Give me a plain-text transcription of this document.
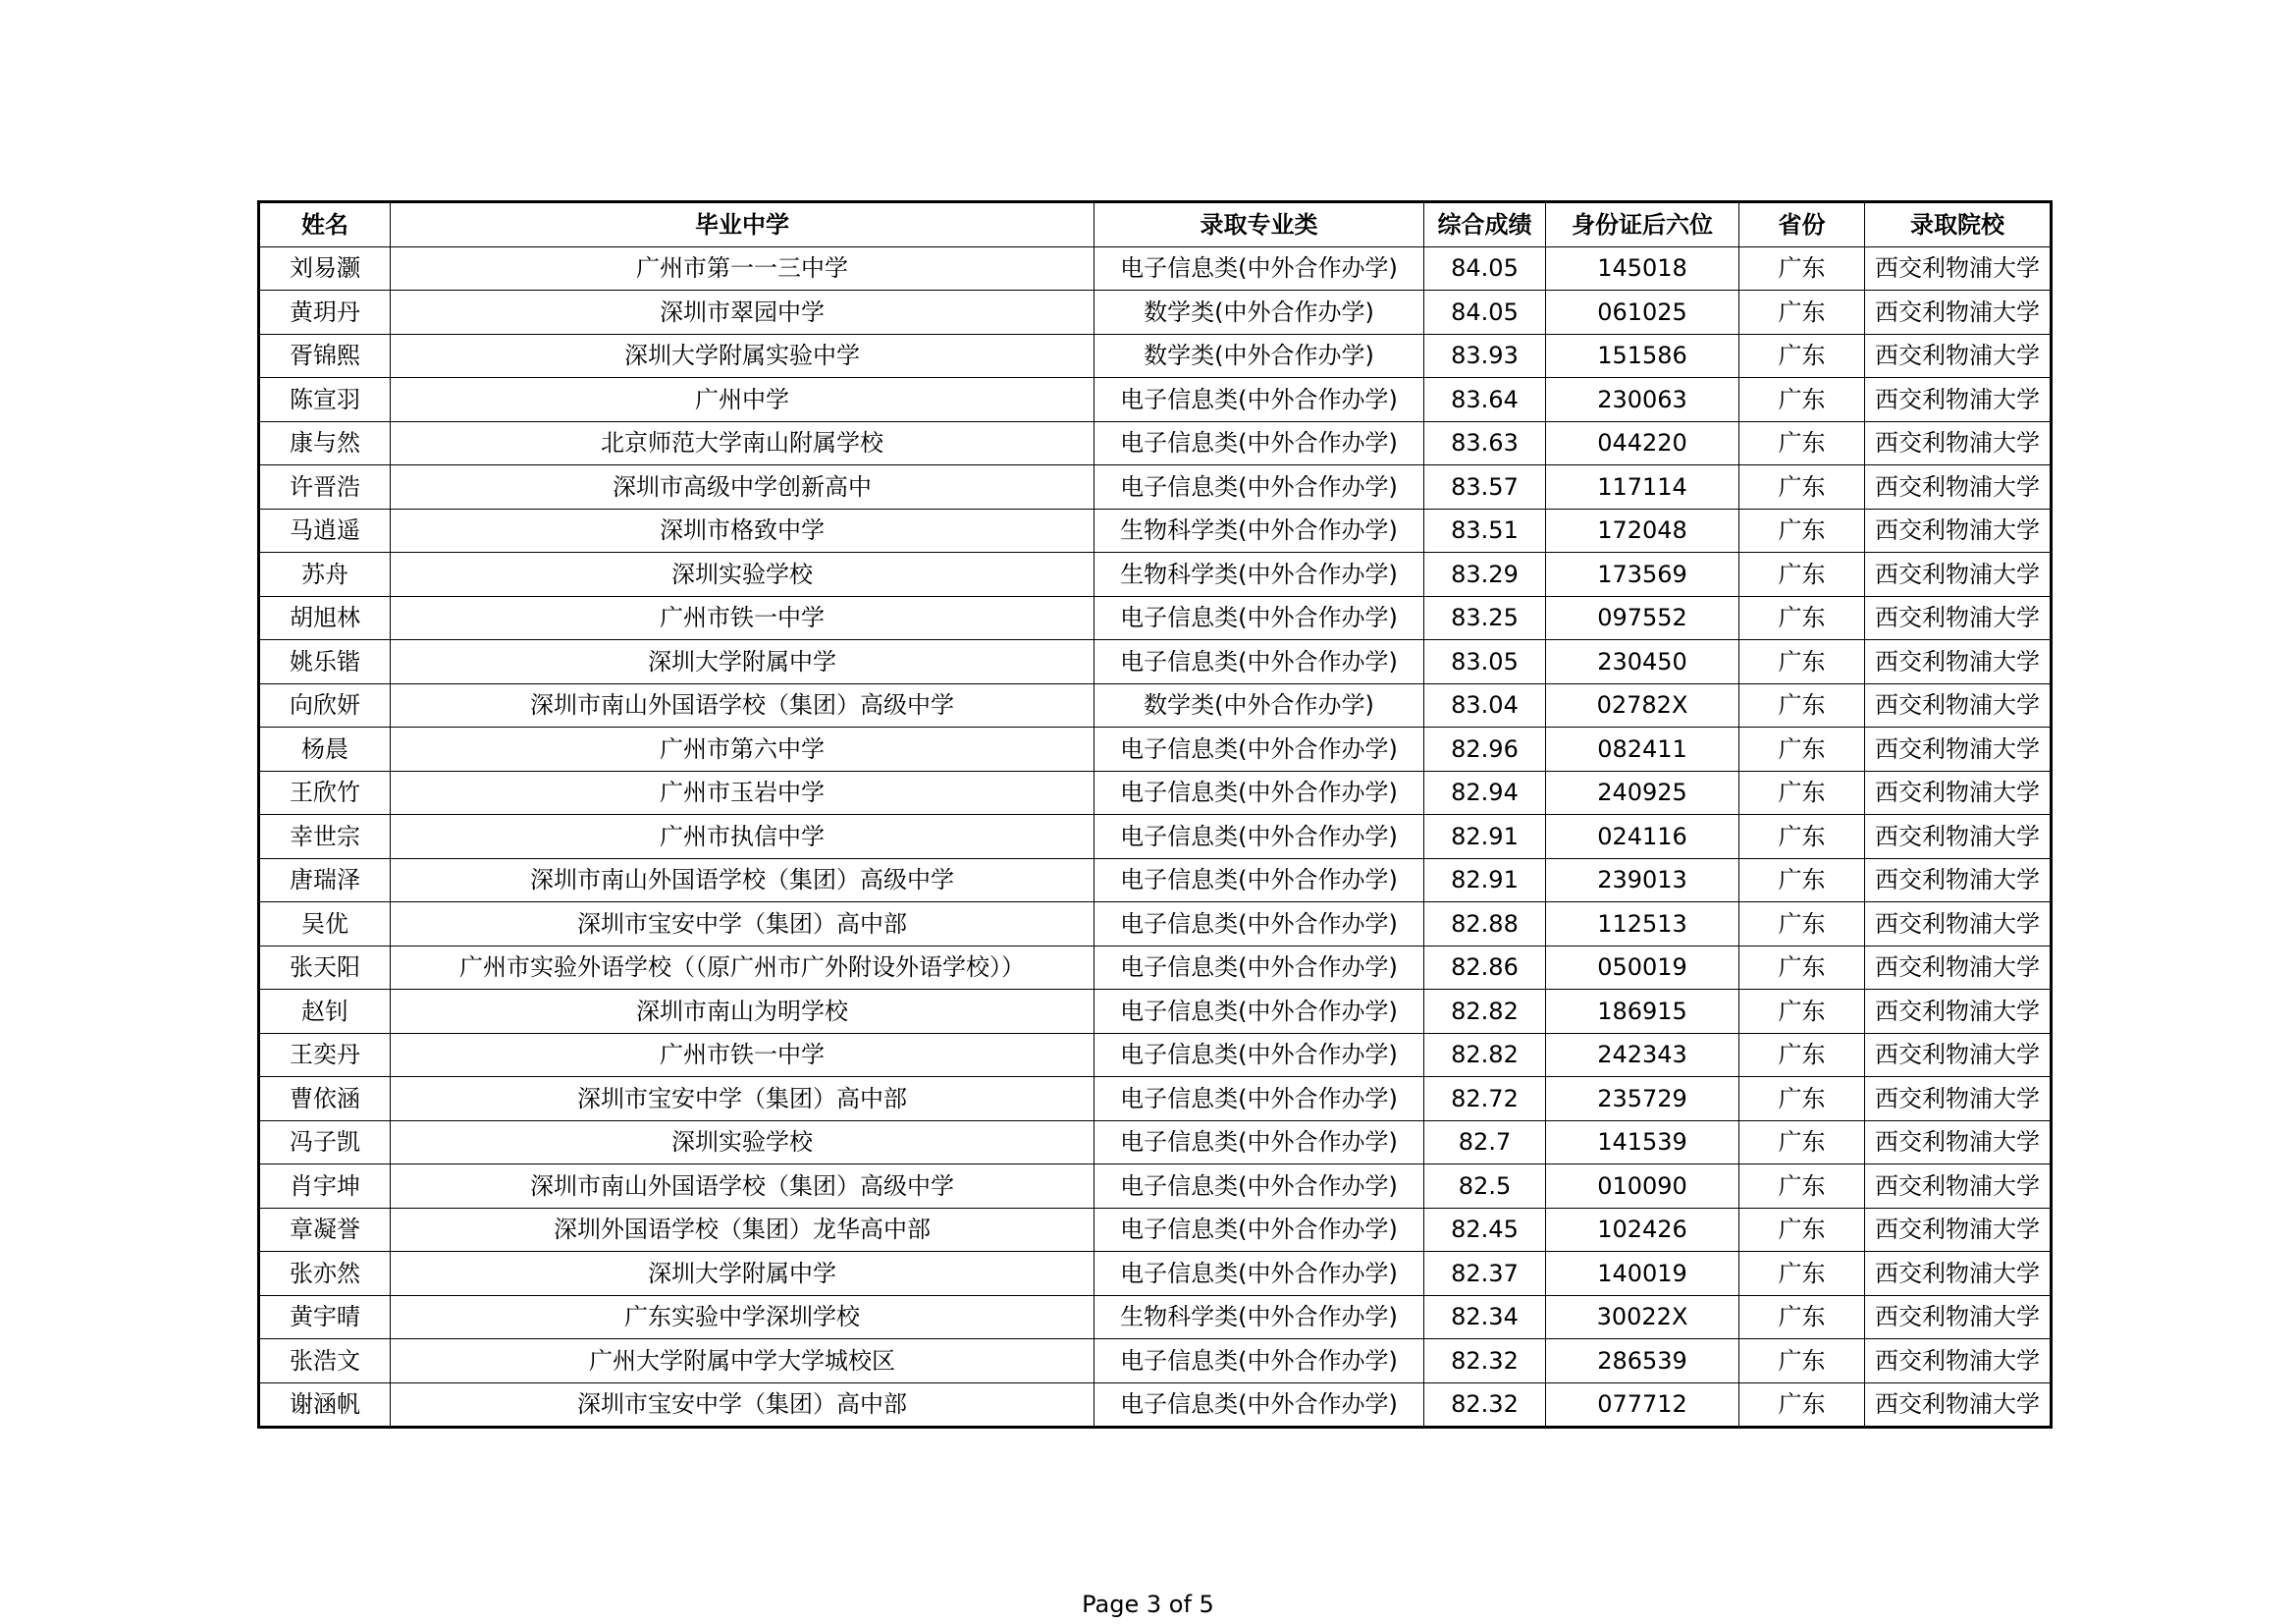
姓名	毕业中学	录取专业类	综合成绩	身份证后六位	省份	录取院校
刘易灏	广州市第一一三中学	电子信息类(中外合作办学)	84.05	145018	广东	西交利物浦大学
黄玥丹	深圳市翠园中学	数学类(中外合作办学)	84.05	061025	广东	西交利物浦大学
胥锦熙	深圳大学附属实验中学	数学类(中外合作办学)	83.93	151586	广东	西交利物浦大学
陈宣羽	广州中学	电子信息类(中外合作办学)	83.64	230063	广东	西交利物浦大学
康与然	北京师范大学南山附属学校	电子信息类(中外合作办学)	83.63	044220	广东	西交利物浦大学
许晋浩	深圳市高级中学创新高中	电子信息类(中外合作办学)	83.57	117114	广东	西交利物浦大学
马逍遥	深圳市格致中学	生物科学类(中外合作办学)	83.51	172048	广东	西交利物浦大学
苏舟	深圳实验学校	生物科学类(中外合作办学)	83.29	173569	广东	西交利物浦大学
胡旭林	广州市铁一中学	电子信息类(中外合作办学)	83.25	097552	广东	西交利物浦大学
姚乐锴	深圳大学附属中学	电子信息类(中外合作办学)	83.05	230450	广东	西交利物浦大学
向欣妍	深圳市南山外国语学校（集团）高级中学	数学类(中外合作办学)	83.04	02782X	广东	西交利物浦大学
杨晨	广州市第六中学	电子信息类(中外合作办学)	82.96	082411	广东	西交利物浦大学
王欣竹	广州市玉岩中学	电子信息类(中外合作办学)	82.94	240925	广东	西交利物浦大学
幸世宗	广州市执信中学	电子信息类(中外合作办学)	82.91	024116	广东	西交利物浦大学
唐瑞泽	深圳市南山外国语学校（集团）高级中学	电子信息类(中外合作办学)	82.91	239013	广东	西交利物浦大学
吴优	深圳市宝安中学（集团）高中部	电子信息类(中外合作办学)	82.88	112513	广东	西交利物浦大学
张天阳	广州市实验外语学校（（原广州市广外附设外语学校））	电子信息类(中外合作办学)	82.86	050019	广东	西交利物浦大学
赵钊	深圳市南山为明学校	电子信息类(中外合作办学)	82.82	186915	广东	西交利物浦大学
王奕丹	广州市铁一中学	电子信息类(中外合作办学)	82.82	242343	广东	西交利物浦大学
曹依涵	深圳市宝安中学（集团）高中部	电子信息类(中外合作办学)	82.72	235729	广东	西交利物浦大学
冯子凯	深圳实验学校	电子信息类(中外合作办学)	82.7	141539	广东	西交利物浦大学
肖宇坤	深圳市南山外国语学校（集团）高级中学	电子信息类(中外合作办学)	82.5	010090	广东	西交利物浦大学
章凝誉	深圳外国语学校（集团）龙华高中部	电子信息类(中外合作办学)	82.45	102426	广东	西交利物浦大学
张亦然	深圳大学附属中学	电子信息类(中外合作办学)	82.37	140019	广东	西交利物浦大学
黄宇晴	广东实验中学深圳学校	生物科学类(中外合作办学)	82.34	30022X	广东	西交利物浦大学
张浩文	广州大学附属中学大学城校区	电子信息类(中外合作办学)	82.32	286539	广东	西交利物浦大学
谢涵帆	深圳市宝安中学（集团）高中部	电子信息类(中外合作办学)	82.32	077712	广东	西交利物浦大学
Page 3 of 5
